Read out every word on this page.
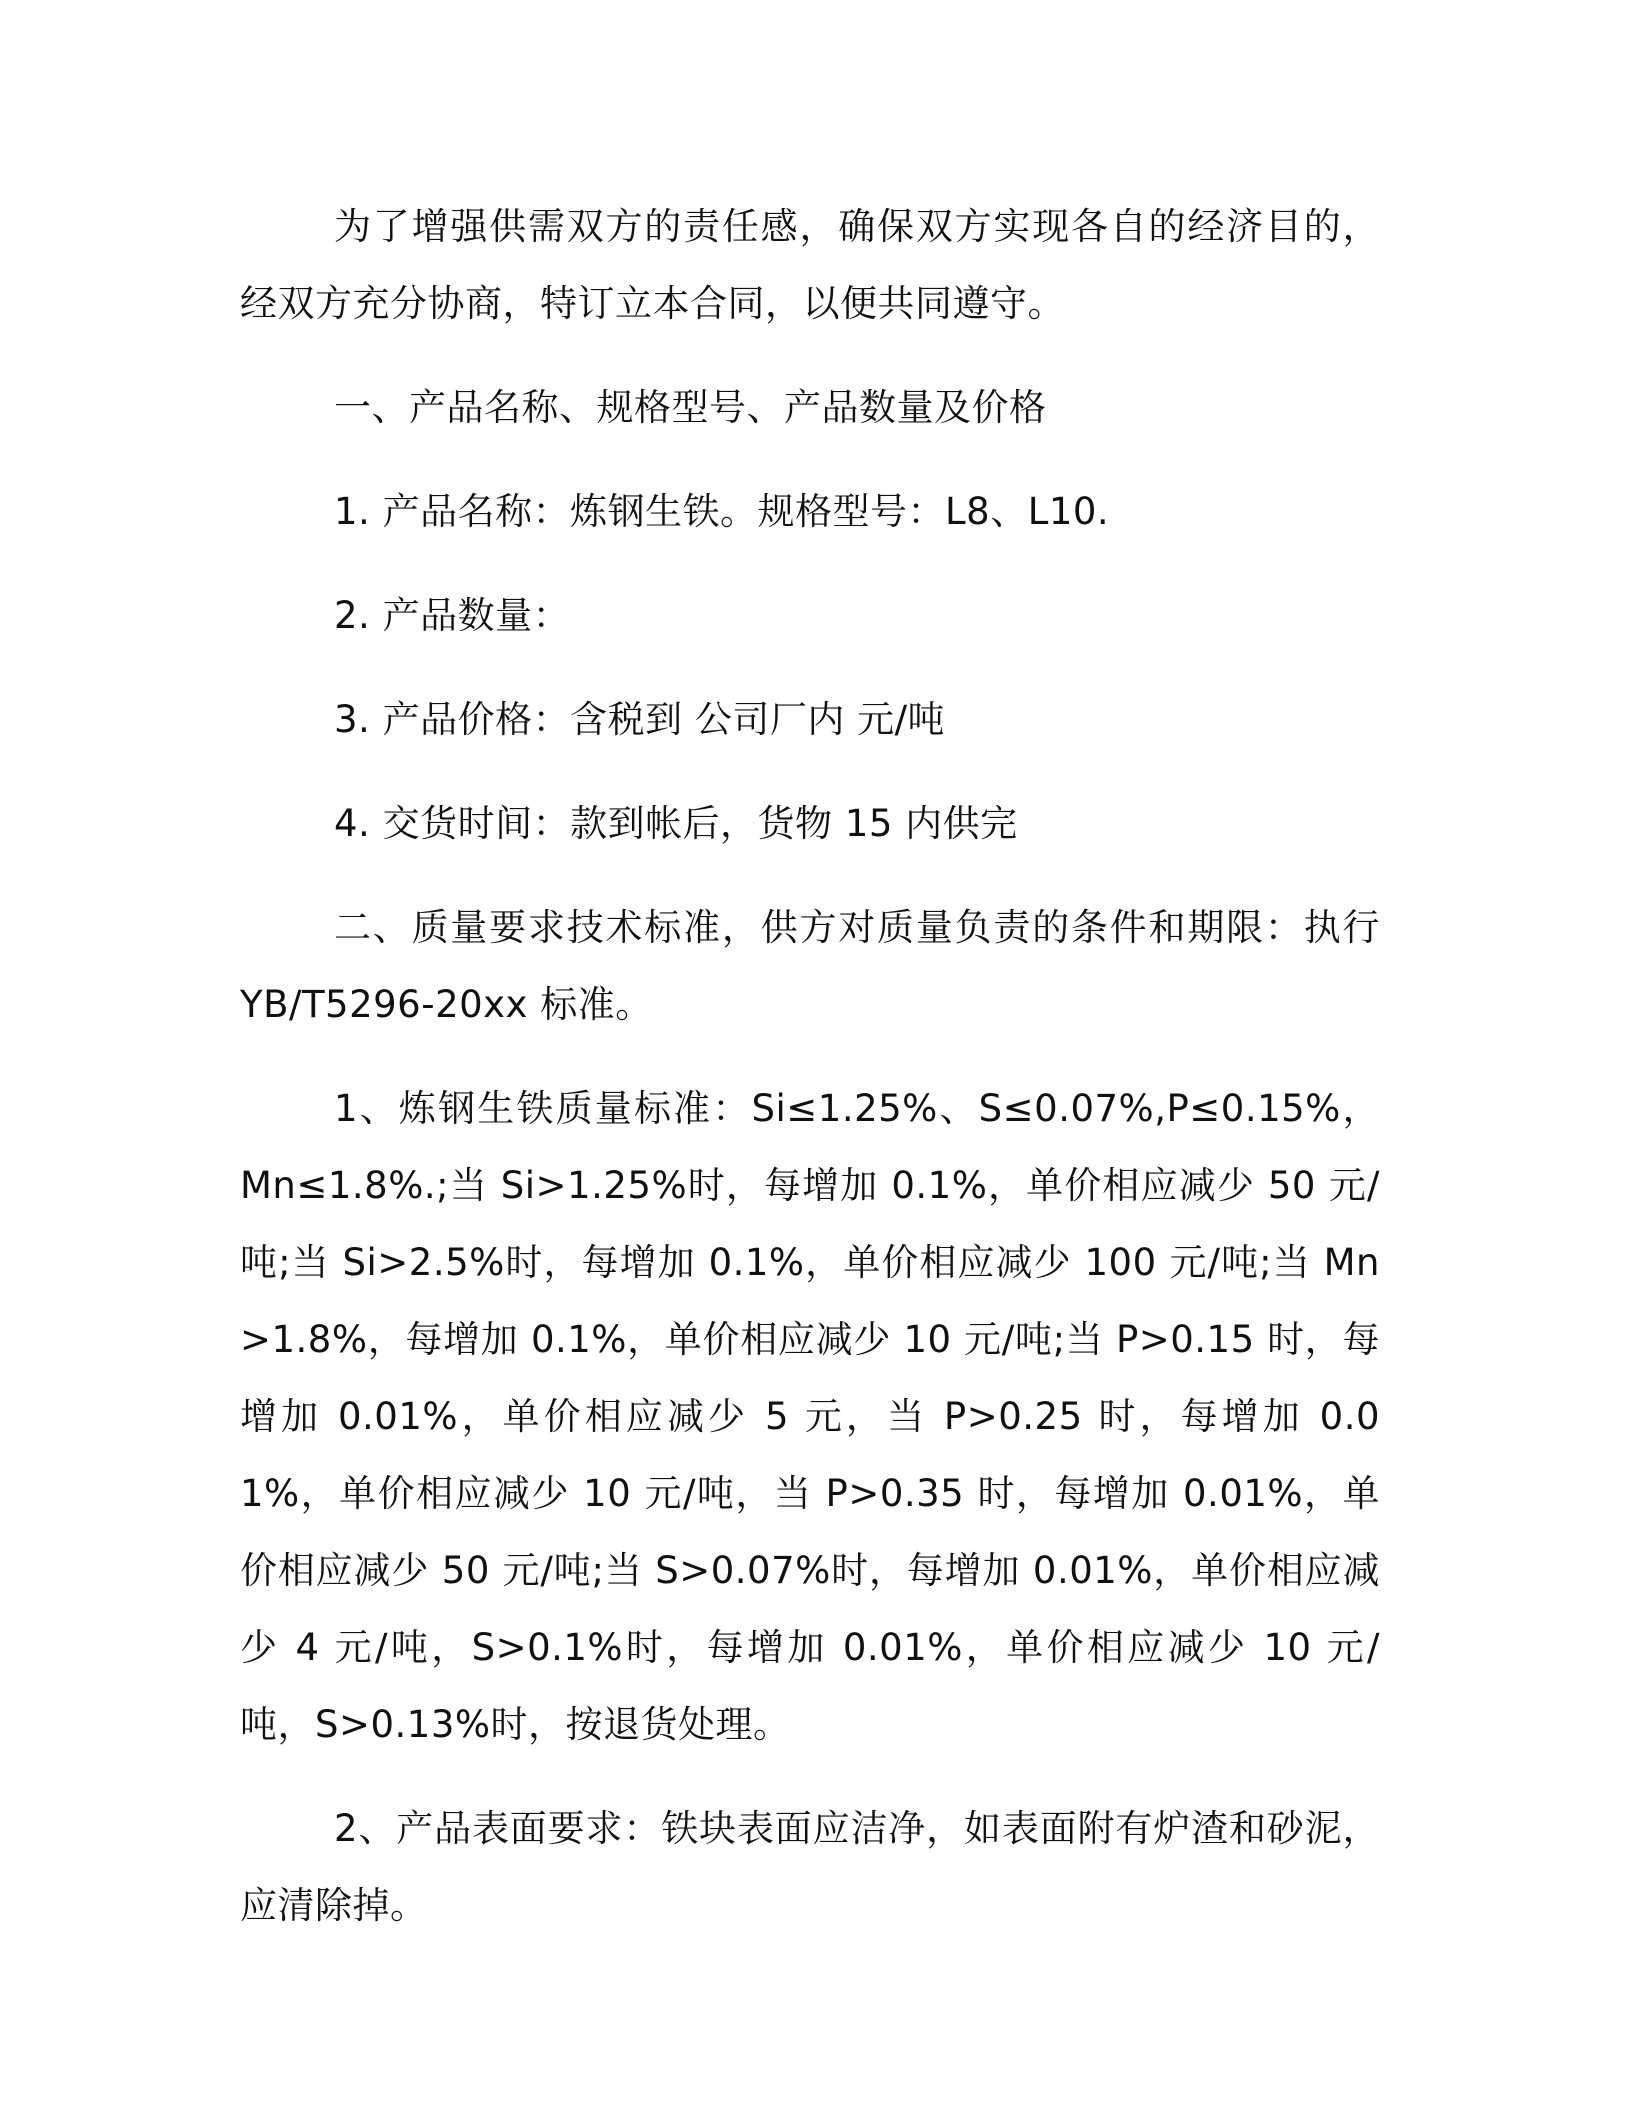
为了增强供需双方的责任感，确保双方实现各自的经济目的，经双方充分协商，特订立本合同，以便共同遵守。

一、产品名称、规格型号、产品数量及价格

1. 产品名称：炼钢生铁。规格型号：L8、L10.

2. 产品数量：

3. 产品价格：含税到 公司厂内 元/吨

4. 交货时间：款到帐后，货物 15 内供完

二、质量要求技术标准，供方对质量负责的条件和期限：执行 YB/T5296-20xx 标准。

1、炼钢生铁质量标准：Si≤1.25%、S≤0.07%,P≤0.15%，Mn≤1.8%.;当 Si>1.25%时，每增加 0.1%，单价相应减少 50 元/吨;当 Si>2.5%时，每增加 0.1%，单价相应减少 100 元/吨;当 Mn>1.8%，每增加 0.1%，单价相应减少 10 元/吨;当 P>0.15 时，每增加 0.01%，单价相应减少 5 元，当 P>0.25 时，每增加 0.01%，单价相应减少 10 元/吨，当 P>0.35 时，每增加 0.01%，单价相应减少 50 元/吨;当 S>0.07%时，每增加 0.01%，单价相应减少 4 元/吨，S>0.1%时，每增加 0.01%，单价相应减少 10 元/吨，S>0.13%时，按退货处理。

2、产品表面要求：铁块表面应洁净，如表面附有炉渣和砂泥，应清除掉。
